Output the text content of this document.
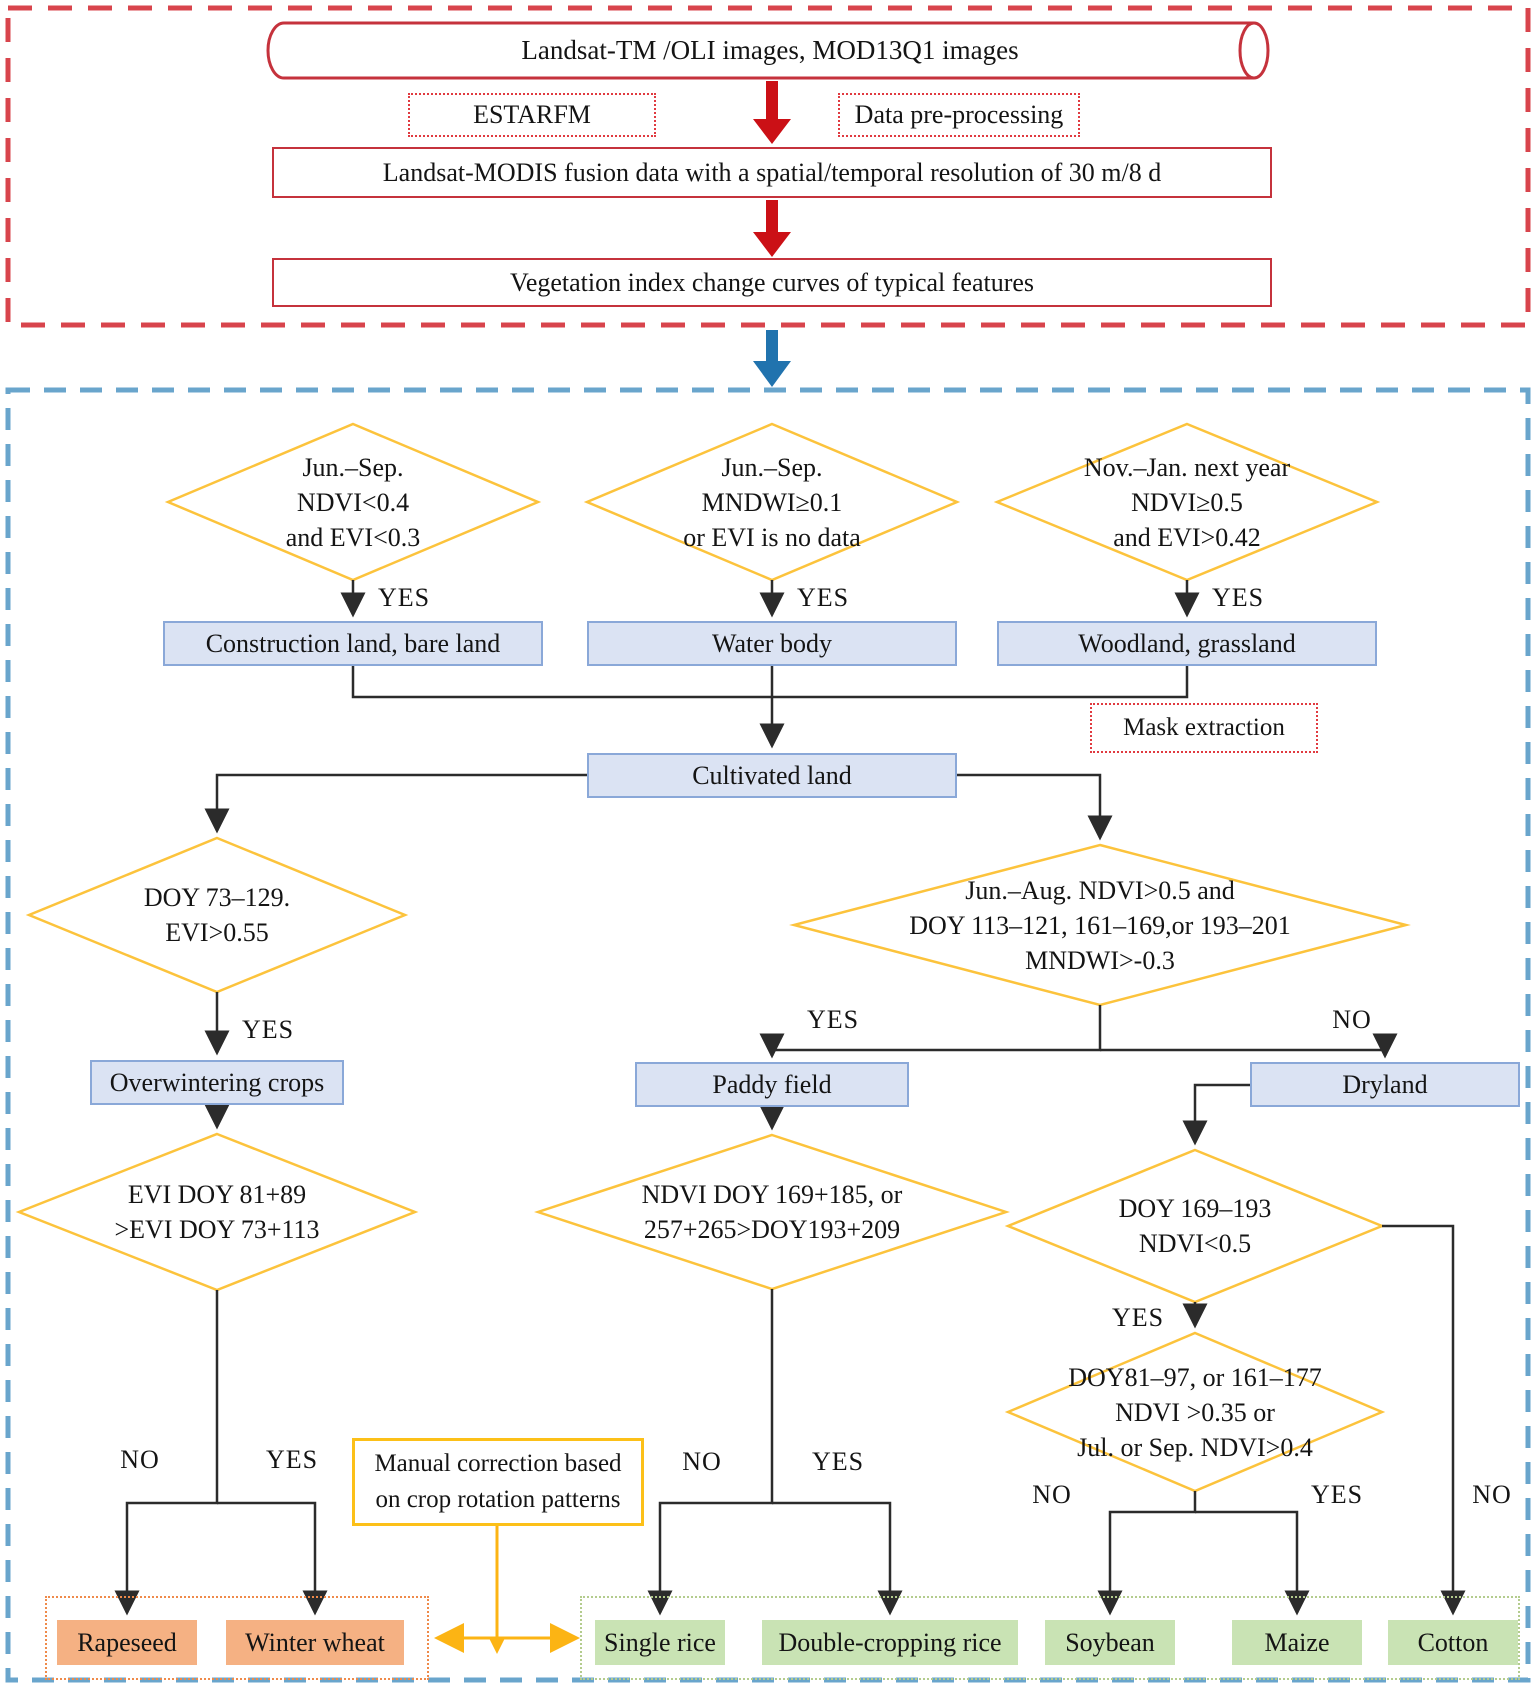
Landsat-TM /OLI images, MOD13Q1 images
ESTARFM	Data pre-processing
Landsat-MODIS fusion data with a spatial/temporal resolution of 30 m/8 d
Vegetation index change curves of typical features
Jun.–Sep.
NDVI<0.4
and EVI<0.3
Jun.–Sep.
MNDWI≥0.1
or EVI is no data
Nov.–Jan. next year
NDVI≥0.5
and EVI>0.42
YES	YES	YES
Construction land, bare land	Water body	Woodland, grassland
Mask extraction
Cultivated land
DOY 73–129.
EVI>0.55
Jun.–Aug. NDVI>0.5 and
DOY 113–121, 161–169,or 193–201
MNDWI>-0.3
YES	YES	NO
Overwintering crops	Paddy field	Dryland
EVI DOY 81+89
>EVI DOY 73+113
NDVI DOY 169+185, or
257+265>DOY193+209
DOY 169–193
NDVI<0.5
YES
DOY81–97, or 161–177
NDVI >0.35 or
Jul. or Sep. NDVI>0.4
NO	YES	NO	YES
NO	YES	NO
Manual correction based
on crop rotation patterns
Rapeseed	Winter wheat	Single rice Double-cropping rice Soybean	Maize	Cotton
